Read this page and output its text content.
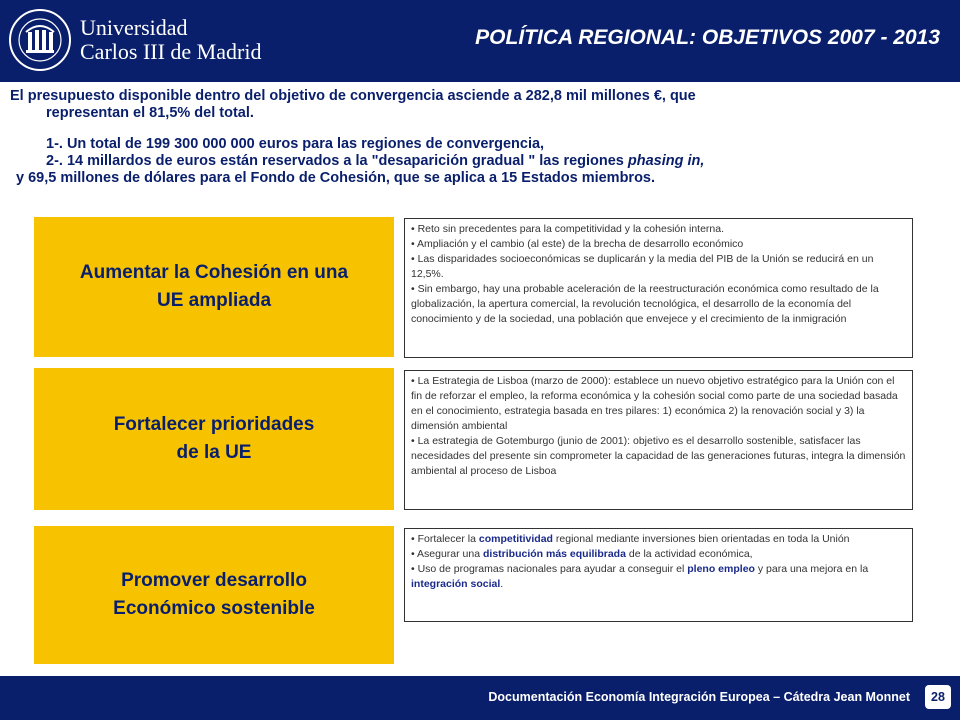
Universidad
Carlos III de Madrid
POLÍTICA REGIONAL: OBJETIVOS 2007 - 2013

El presupuesto disponible dentro del objetivo de convergencia asciende a 282,8 mil millones €, que

representan el 81,5% del total.

1-. Un total de 199 300 000 000 euros para las regiones de convergencia,

2-. 14 millardos de euros están reservados a la "desaparición gradual " las regiones phasing in,

y 69,5 millones de dólares para el Fondo de Cohesión, que se aplica a 15 Estados miembros.

Aumentar la Cohesión en una
UE ampliada

• Reto sin precedentes para la competitividad y la cohesión interna.

• Ampliación y el cambio (al este) de la brecha de desarrollo económico

• Las disparidades socioeconómicas se duplicarán y la media del PIB de la Unión se reducirá en un 12,5%.

• Sin embargo, hay una probable aceleración de la reestructuración económica como resultado de la globalización, la apertura comercial, la revolución tecnológica, el desarrollo de la economía del conocimiento y de la sociedad, una población que envejece y el crecimiento de la inmigración

Fortalecer prioridades
de la UE

• La Estrategia de Lisboa (marzo de 2000): establece un nuevo objetivo estratégico para la Unión con el fin de reforzar el empleo, la reforma económica y la cohesión social como parte de una sociedad basada en el conocimiento, estrategia basada en tres pilares: 1) económica 2) la renovación social y 3) la dimensión ambiental

• La estrategia de Gotemburgo (junio de 2001): objetivo es el desarrollo sostenible, satisfacer las necesidades del presente sin comprometer la capacidad de las generaciones futuras, integra la dimensión ambiental al proceso de Lisboa

Promover desarrollo
Económico sostenible

• Fortalecer la competitividad regional mediante inversiones bien orientadas en toda la Unión

• Asegurar una distribución más equilibrada de la actividad económica,

• Uso de programas nacionales para ayudar a conseguir el pleno empleo y para una mejora en la integración social.

Documentación Economía Integración Europea – Cátedra Jean Monnet	28
